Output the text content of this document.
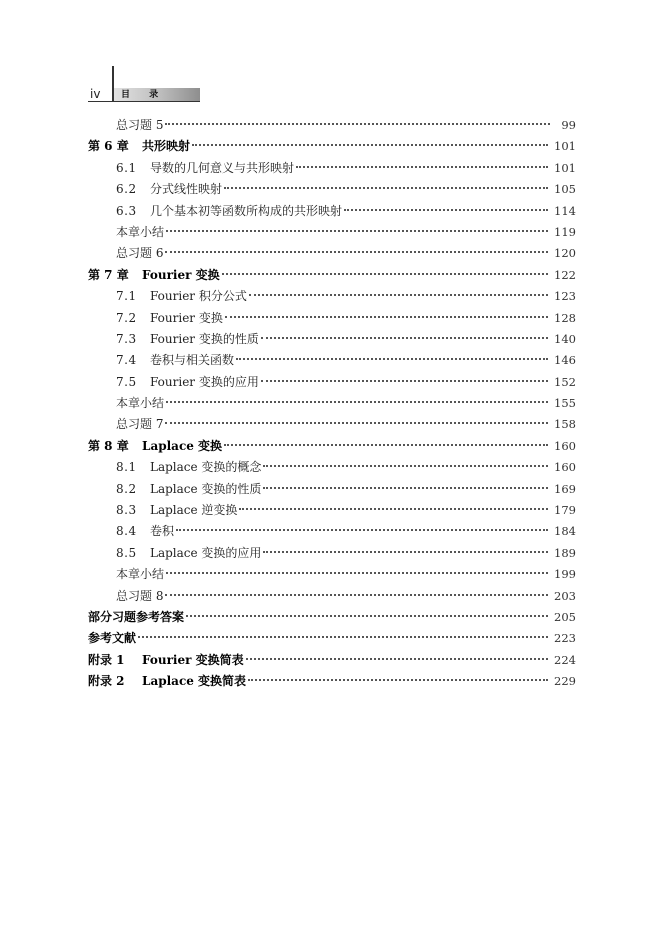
iv 目 录
总习题 5	99
第 6 章 共形映射	101
6.1 导数的几何意义与共形映射	101
6.2 分式线性映射	105
6.3 几个基本初等函数所构成的共形映射	114
本章小结	119
总习题 6	120
第 7 章 Fourier 变换	122
7.1 Fourier 积分公式	123
7.2 Fourier 变换	128
7.3 Fourier 变换的性质	140
7.4 卷积与相关函数	146
7.5 Fourier 变换的应用	152
本章小结	155
总习题 7	158
第 8 章 Laplace 变换	160
8.1 Laplace 变换的概念	160
8.2 Laplace 变换的性质	169
8.3 Laplace 逆变换	179
8.4 卷积	184
8.5 Laplace 变换的应用	189
本章小结	199
总习题 8	203
部分习题参考答案	205
参考文献	223
附录 1 Fourier 变换简表	224
附录 2 Laplace 变换简表	229
